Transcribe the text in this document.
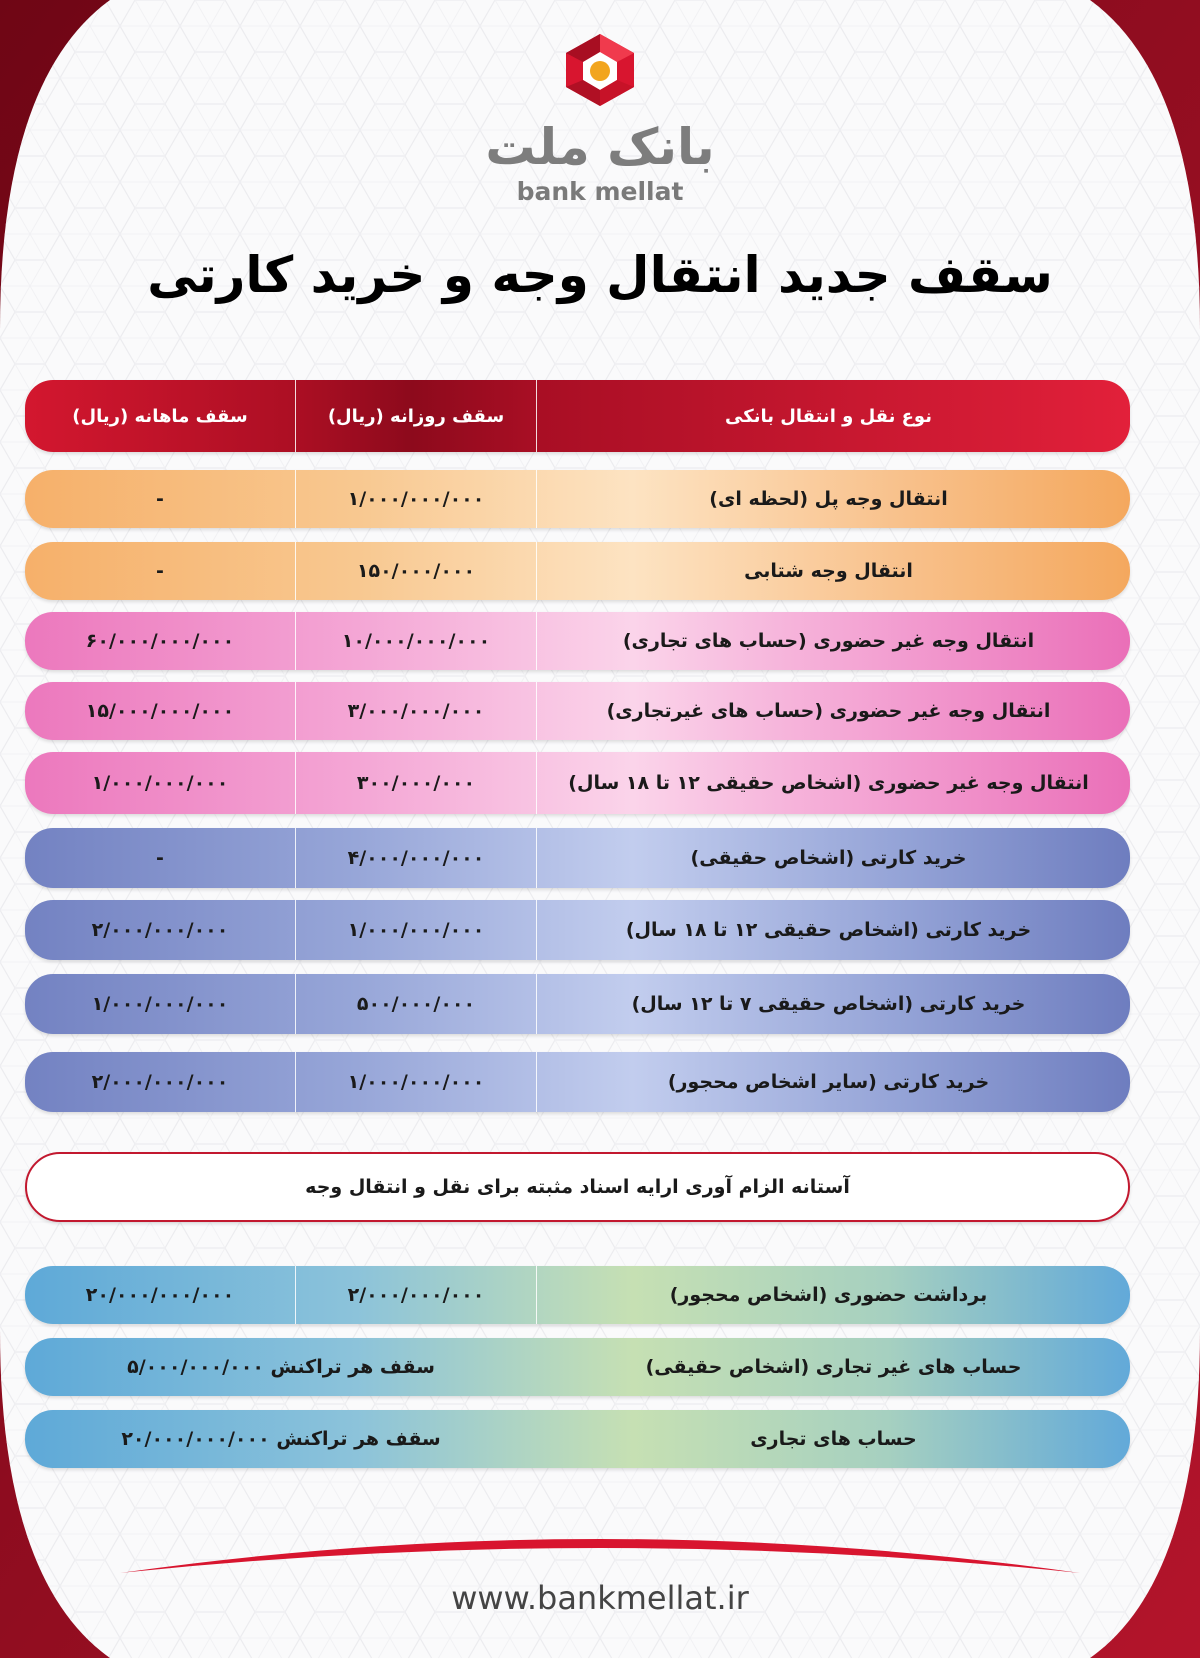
بانک ملت
bank mellat
سقف جدید انتقال وجه و خرید کارتی
نوع نقل و انتقال بانکی
سقف روزانه (ریال)
سقف ماهانه (ریال)
انتقال وجه پل (لحظه ای)
۱/۰۰۰/۰۰۰/۰۰۰
-
انتقال وجه شتابی
۱۵۰/۰۰۰/۰۰۰
-
انتقال وجه غیر حضوری (حساب های تجاری)
۱۰/۰۰۰/۰۰۰/۰۰۰
۶۰/۰۰۰/۰۰۰/۰۰۰
انتقال وجه غیر حضوری (حساب های غیرتجاری)
۳/۰۰۰/۰۰۰/۰۰۰
۱۵/۰۰۰/۰۰۰/۰۰۰
انتقال وجه غیر حضوری (اشخاص حقیقی ۱۲ تا ۱۸ سال)
۳۰۰/۰۰۰/۰۰۰
۱/۰۰۰/۰۰۰/۰۰۰
خرید کارتی (اشخاص حقیقی)
۴/۰۰۰/۰۰۰/۰۰۰
-
خرید کارتی (اشخاص حقیقی ۱۲ تا ۱۸ سال)
۱/۰۰۰/۰۰۰/۰۰۰
۲/۰۰۰/۰۰۰/۰۰۰
خرید کارتی (اشخاص حقیقی ۷ تا ۱۲ سال)
۵۰۰/۰۰۰/۰۰۰
۱/۰۰۰/۰۰۰/۰۰۰
خرید کارتی (سایر اشخاص محجور)
۱/۰۰۰/۰۰۰/۰۰۰
۲/۰۰۰/۰۰۰/۰۰۰
آستانه الزام آوری ارایه اسناد مثبته برای نقل و انتقال وجه
برداشت حضوری (اشخاص محجور)
۲/۰۰۰/۰۰۰/۰۰۰
۲۰/۰۰۰/۰۰۰/۰۰۰
حساب های غیر تجاری (اشخاص حقیقی)
سقف هر تراکنش ۵/۰۰۰/۰۰۰/۰۰۰
حساب های تجاری
سقف هر تراکنش ۲۰/۰۰۰/۰۰۰/۰۰۰
www.bankmellat.ir
